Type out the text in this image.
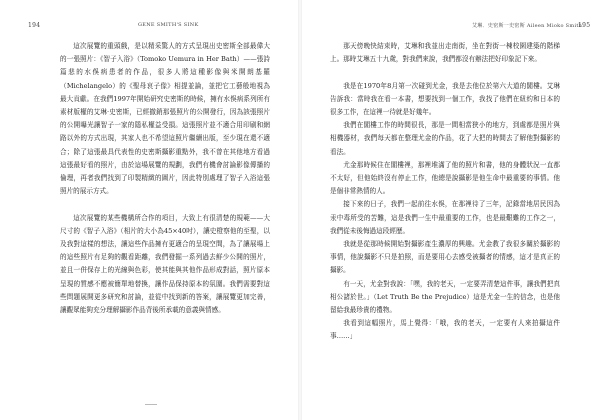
194	GENE SMITH'S SINK

這次展覽的重頭戲，是以精采驚人的方式呈現出史密斯全部最偉大的一張照片：《智子入浴》（Tomoko Uemura in Her Bath）——張詩篇悲的水俁病患者的作品，很多人將這種影像與米開朗基羅（Michelangelo）的《聖母哀子像》相提並論，並把它工藝般地視為最大貢獻。在我們1997年開始研究史密斯的時候，擁有水俁病系列所有素材版權的艾琳·史密斯，已經撤銷那張照片的公開發行，因為該張照片的公開曝光讓智子一家的隱私權益受損。這張照片並不適合用印刷和網路以外的方式出現，其家人也不希望這照片繼續出版，至少現在還不適合；除了這張最具代表性的史密斯攝影重點外，我不曾在其他地方看過這張最好看的照片，由於這場展覽的規劃，我們有機會討論影像傳播的倫理，再者我們找到了印製精緻的圖片，因此特別處理了智子入浴這張照片的展示方式。

這次展覽的某些機構所合作的項目，大致上有很清楚的規範——大尺寸的《智子入浴》（相片的大小為45×40吋），讓史橙察他的至聖，以及我對這樣的想法，讓這些作品擁有更適合的呈現空間，為了讓展場上的這些照片有足夠的觀看距離，我們發掘一系列過去鮮少公開的照片，並且一併保存上的光線與色彩，使其能與其他作品形成對話，照片原本呈現的質感不應被簡單地替換，讓作品保持原本的氛圍。我們需要對這些問題展開更多研究和討論，並從中找到新的答案，讓展覽更加完善，讓觀眾能夠充分理解攝影作品背後所承載的意義與情感。

艾琳．史密斯一史密斯 Aileen Mioko Smith
195

那天傍晚快結束時，艾琳和我並出走南街，坐在對街一棟校園建築的階梯上。那時艾琳五十九歲，對我們來說，我們都沒有辦法把好印象記下來。

我是在1970年8月第一次碰到尤金，我是去他位於第六大道的閣樓。艾琳告訴我：當時我在看一本書，想要找到一個工作，我找了他們在紐約和日本的很多工作，在這裡一待就是好幾年。

我們在閣樓工作的時間很長，那是一間相當狹小的地方，到處都是照片與相機器材，我們每天都在整理尤金的作品，花了大把的時間去了解他對攝影的看法。

尤金那時候住在閣樓裡，那裡堆滿了他的照片和書，他的身體狀況一直都不太好，但他始終沒有停止工作，他總是說攝影是他生命中最重要的事情。他是個非常熱情的人。

接下來的日子，我們一起前往水俁，在那裡待了三年，記錄當地居民因為汞中毒所受的苦難，這是我們一生中最重要的工作，也是最艱難的工作之一，我們從未後悔過這段經歷。

我就是從那時候開始對攝影產生濃厚的興趣。尤金教了我很多關於攝影的事情，他說攝影不只是拍照，而是要用心去感受被攝者的情感，這才是真正的攝影。

有一天，尤金對我說：「嘿，我的老天，一定要弄清楚這件事，讓我們把真相公諸於世。」（Let Truth Be the Prejudice）這是尤金一生的信念，也是他留給我最珍貴的禮物。

我看到這幅照片，馬上覺得：「哦，我的老天，一定要有人來拍攝這件事……」
